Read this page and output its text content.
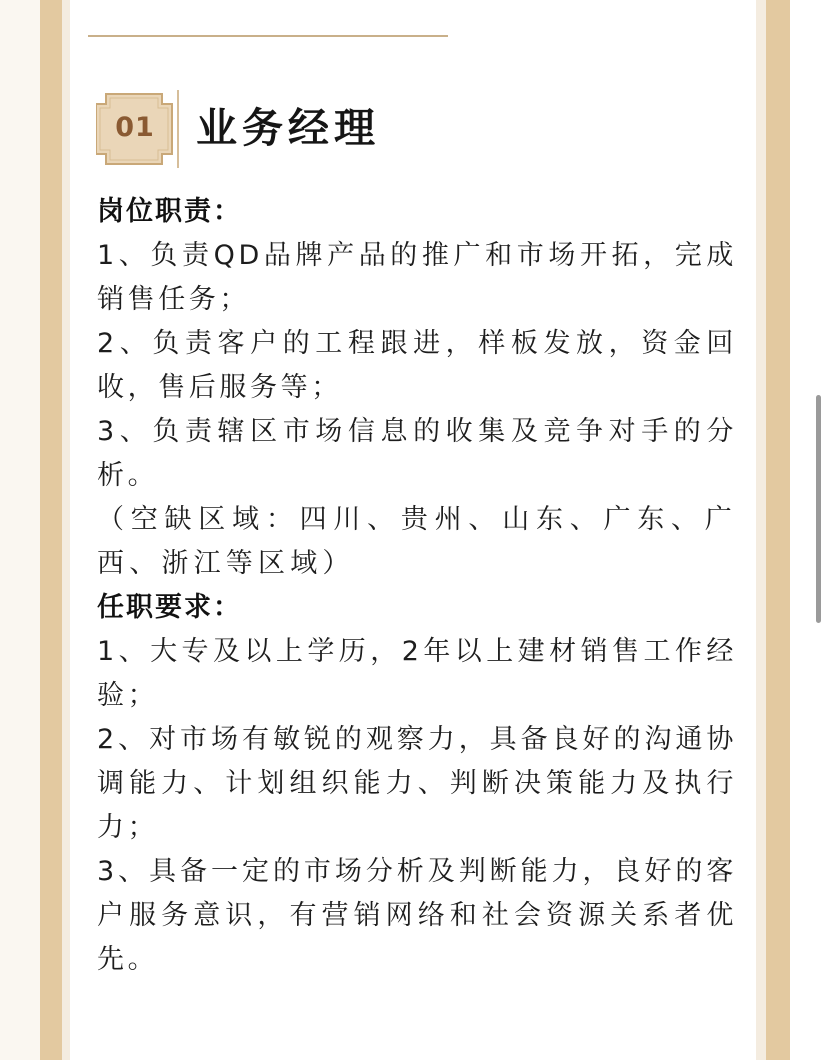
01	业务经理

岗位职责：

1、负责QD品牌产品的推广和市场开拓，完成销售任务；

2、负责客户的工程跟进，样板发放，资金回收，售后服务等；

3、负责辖区市场信息的收集及竞争对手的分析。

（空缺区域：四川、贵州、山东、广东、广西、浙江等区域）

任职要求：

1、大专及以上学历，2年以上建材销售工作经验；

2、对市场有敏锐的观察力，具备良好的沟通协调能力、计划组织能力、判断决策能力及执行力；

3、具备一定的市场分析及判断能力，良好的客户服务意识，有营销网络和社会资源关系者优先。
